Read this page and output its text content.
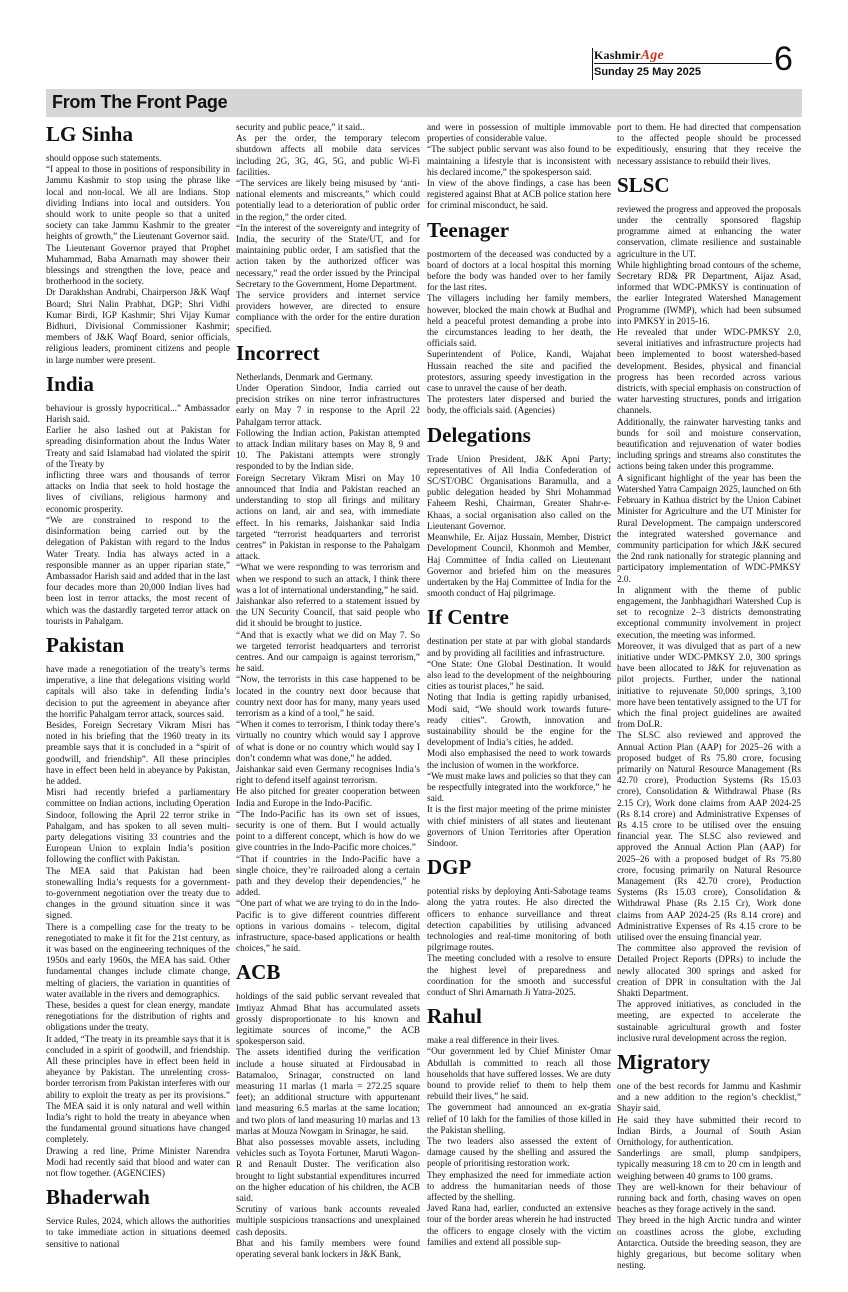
KashmirAge
Sunday 25 May 2025 6
From The Front Page
LG Sinha

should oppose such statements.

“I appeal to those in positions of responsibility in Jammu Kashmir to stop using the phrase like local and non-local. We all are Indians. Stop dividing Indians into local and outsiders. You should work to unite people so that a united society can take Jammu Kashmir to the greater heights of growth,” the Lieutenant Governor said.

The Lieutenant Governor prayed that Prophet Muhammad, Baba Amarnath may shower their blessings and strengthen the love, peace and brotherhood in the society.

Dr Darakhshan Andrabi, Chairperson J&K Waqf Board; Shri Nalin Prabhat, DGP; Shri Vidhi Kumar Birdi, IGP Kashmir; Shri Vijay Kumar Bidhuri, Divisional Commissioner Kashmir; members of J&K Waqf Board, senior officials, religious leaders, prominent citizens and people in large number were present.

India

behaviour is grossly hypocritical...” Ambassador Harish said.

Earlier he also lashed out at Pakistan for spreading disinformation about the Indus Water Treaty and said Islamabad had violated the spirit of the Treaty by

inflicting three wars and thousands of terror attacks on India that seek to hold hostage the lives of civilians, religious harmony and economic prosperity.

“We are constrained to respond to the disinformation being carried out by the delegation of Pakistan with regard to the Indus Water Treaty. India has always acted in a responsible manner as an upper riparian state,” Ambassador Harish said and added that in the last four decades more than 20,000 Indian lives had been lost in terror attacks, the most recent of which was the dastardly targeted terror attack on tourists in Pahalgam.

Pakistan

have made a renegotiation of the treaty’s terms imperative, a line that delegations visiting world capitals will also take in defending India’s decision to put the agreement in abeyance after the horrific Pahalgam terror attack, sources said.

Besides, Foreign Secretary Vikram Misri has noted in his briefing that the 1960 treaty in its preamble says that it is concluded in a “spirit of goodwill, and friendship”. All these principles have in effect been held in abeyance by Pakistan, he added.

Misri had recently briefed a parliamentary committee on Indian actions, including Operation Sindoor, following the April 22 terror strike in Pahalgam, and has spoken to all seven multi-party delegations visiting 33 countries and the European Union to explain India’s position following the conflict with Pakistan.

The MEA said that Pakistan had been stonewalling India’s requests for a government-to-government negotiation over the treaty due to changes in the ground situation since it was signed.

There is a compelling case for the treaty to be renegotiated to make it fit for the 21st century, as it was based on the engineering techniques of the 1950s and early 1960s, the MEA has said. Other fundamental changes include climate change, melting of glaciers, the variation in quantities of water available in the rivers and demographics.

These, besides a quest for clean energy, mandate renegotiations for the distribution of rights and obligations under the treaty.

It added, “The treaty in its preamble says that it is concluded in a spirit of goodwill, and friendship. All these principles have in effect been held in abeyance by Pakistan. The unrelenting cross-border terrorism from Pakistan interferes with our ability to exploit the treaty as per its provisions.” The MEA said it is only natural and well within India’s right to hold the treaty in abeyance when the fundamental ground situations have changed completely.

Drawing a red line, Prime Minister Narendra Modi had recently said that blood and water can not flow together. (AGENCIES)

Bhaderwah

Service Rules, 2024, which allows the authorities to take immediate action in situations deemed sensitive to national

security and public peace,” it said..

As per the order, the temporary telecom shutdown affects all mobile data services including 2G, 3G, 4G, 5G, and public Wi-Fi facilities.

“The services are likely being misused by ‘anti-national elements and miscreants,” which could potentially lead to a deterioration of public order in the region,” the order cited.

“In the interest of the sovereignty and integrity of India, the security of the State/UT, and for maintaining public order, I am satisfied that the action taken by the authorized officer was necessary,” read the order issued by the Principal Secretary to the Government, Home Department.

The service providers and internet service providers however, are directed to ensure compliance with the order for the entire duration specified.

Incorrect

Netherlands, Denmark and Germany.

Under Operation Sindoor, India carried out precision strikes on nine terror infrastructures early on May 7 in response to the April 22 Pahalgam terror attack.

Following the Indian action, Pakistan attempted to attack Indian military bases on May 8, 9 and 10. The Pakistani attempts were strongly responded to by the Indian side.

Foreign Secretary Vikram Misri on May 10 announced that India and Pakistan reached an understanding to stop all firings and military actions on land, air and sea, with immediate effect. In his remarks, Jaishankar said India targeted “terrorist headquarters and terrorist centres” in Pakistan in response to the Pahalgam attack.

“What we were responding to was terrorism and when we respond to such an attack, I think there was a lot of international understanding,” he said.

Jaishankar also referred to a statement issued by the UN Security Council, that said people who did it should be brought to justice.

“And that is exactly what we did on May 7. So we targeted terrorist headquarters and terrorist centres. And our campaign is against terrorism,” he said.

“Now, the terrorists in this case happened to be located in the country next door because that country next door has for many, many years used terrorism as a kind of a tool,” he said.

“When it comes to terrorism, I think today there’s virtually no country which would say I approve of what is done or no country which would say I don’t condemn what was done,” he added.

Jaishankar said even Germany recognises India’s right to defend itself against terrorism.

He also pitched for greater cooperation between India and Europe in the Indo-Pacific.

“The Indo-Pacific has its own set of issues, security is one of them. But I would actually point to a different concept, which is how do we give countries in the Indo-Pacific more choices.”

“That if countries in the Indo-Pacific have a single choice, they’re railroaded along a certain path and they develop their dependencies,” he added.

“One part of what we are trying to do in the Indo-Pacific is to give different countries different options in various domains - telecom, digital infrastructure, space-based applications or health choices,” he said.

ACB

holdings of the said public servant revealed that Imtiyaz Ahmad Bhat has accumulated assets grossly disproportionate to his known and legitimate sources of income,” the ACB spokesperson said.

The assets identified during the verification include a house situated at Firdousabad in Batamaloo, Srinagar, constructed on land measuring 11 marlas (1 marla = 272.25 square feet); an additional structure with appurtenant land measuring 6.5 marlas at the same location; and two plots of land measuring 10 marlas and 13 marlas at Mouza Nowgam in Srinagar, he said.

Bhat also possesses movable assets, including vehicles such as Toyota Fortuner, Maruti Wagon-R and Renault Duster. The verification also brought to light substantial expenditures incurred on the higher education of his children, the ACB said.

Scrutiny of various bank accounts revealed multiple suspicious transactions and unexplained cash deposits.

Bhat and his family members were found operating several bank lockers in J&K Bank,

and were in possession of multiple immovable properties of considerable value.

“The subject public servant was also found to be maintaining a lifestyle that is inconsistent with his declared income,” the spokesperson said.

In view of the above findings, a case has been registered against Bhat at ACB police station here for criminal misconduct, he said.

Teenager

postmortem of the deceased was conducted by a board of doctors at a local hospital this morning before the body was handed over to her family for the last rites.

The villagers including her family members, however, blocked the main chowk at Budhal and held a peaceful protest demanding a probe into the circumstances leading to her death, the officials said.

Superintendent of Police, Kandi, Wajahat Hussain reached the site and pacified the protestors, assuring speedy investigation in the case to unravel the cause of her death.

The protesters later dispersed and buried the body, the officials said. (Agencies)

Delegations

Trade Union President, J&K Apni Party; representatives of All India Confederation of SC/ST/OBC Organisations Baramulla, and a public delegation headed by Shri Mohammad Faheem Reshi, Chairman, Greater Shahr-e-Khaas, a social organisation also called on the Lieutenant Governor.

Meanwhile, Er. Aijaz Hussain, Member, District Development Council, Khonmoh and Member, Haj Committee of India called on Lieutenant Governor and briefed him on the measures undertaken by the Haj Committee of India for the smooth conduct of Haj pilgrimage.

If Centre

destination per state at par with global standards and by providing all facilities and infrastructure.

“One State: One Global Destination. It would also lead to the development of the neighbouring cities as tourist places,” he said.

Noting that India is getting rapidly urbanised, Modi said, “We should work towards future-ready cities”. Growth, innovation and sustainability should be the engine for the development of India’s cities, he added.

Modi also emphasised the need to work towards the inclusion of women in the workforce.

“We must make laws and policies so that they can be respectfully integrated into the workforce,” he said.

It is the first major meeting of the prime minister with chief ministers of all states and lieutenant governors of Union Territories after Operation Sindoor.

DGP

potential risks by deploying Anti-Sabotage teams along the yatra routes. He also directed the officers to enhance surveillance and threat detection capabilities by utilising advanced technologies and real-time monitoring of both pilgrimage routes.

The meeting concluded with a resolve to ensure the highest level of preparedness and coordination for the smooth and successful conduct of Shri Amarnath Ji Yatra-2025.

Rahul

make a real difference in their lives.

“Our government led by Chief Minister Omar Abdullah is committed to reach all those households that have suffered losses. We are duty bound to provide relief to them to help them rebuild their lives,” he said.

The government had announced an ex-gratia relief of 10 lakh for the families of those killed in the Pakistan shelling.

The two leaders also assessed the extent of damage caused by the shelling and assured the people of prioritising restoration work.

They emphasized the need for immediate action to address the humanitarian needs of those affected by the shelling.

Javed Rana had, earlier, conducted an extensive tour of the border areas wherein he had instructed the officers to engage closely with the victim families and extend all possible sup-

port to them. He had directed that compensation to the affected people should be processed expeditiously, ensuring that they receive the necessary assistance to rebuild their lives.

SLSC

reviewed the progress and approved the proposals under the centrally sponsored flagship programme aimed at enhancing the water conservation, climate resilience and sustainable agriculture in the UT.

While highlighting broad contours of the scheme, Secretary RD& PR Department, Aijaz Asad, informed that WDC-PMKSY is continuation of the earlier Integrated Watershed Management Programme (IWMP), which had been subsumed into PMKSY in 2015-16.

He revealed that under WDC-PMKSY 2.0, several initiatives and infrastructure projects had been implemented to boost watershed-based development. Besides, physical and financial progress has been recorded across various districts, with special emphasis on construction of water harvesting structures, ponds and irrigation channels.

Additionally, the rainwater harvesting tanks and bunds for soil and moisture conservation, beautification and rejuvenation of water bodies including springs and streams also constitutes the actions being taken under this programme.

A significant highlight of the year has been the Watershed Yatra Campaign 2025, launched on 6th February in Kathua district by the Union Cabinet Minister for Agriculture and the UT Minister for Rural Development. The campaign underscored the integrated watershed governance and community participation for which J&K secured the 2nd rank nationally for strategic planning and participatory implementation of WDC-PMKSY 2.0.

In alignment with the theme of public engagement, the Janbhagidhari Watershed Cup is set to recognize 2–3 districts demonstrating exceptional community involvement in project execution, the meeting was informed.

Moreover, it was divulged that as part of a new initiative under WDC-PMKSY 2.0, 300 springs have been allocated to J&K for rejuvenation as pilot projects. Further, under the national initiative to rejuvenate 50,000 springs, 3,100 more have been tentatively assigned to the UT for which the final project guidelines are awaited from DoLR.

The SLSC also reviewed and approved the Annual Action Plan (AAP) for 2025–26 with a proposed budget of Rs 75.80 crore, focusing primarily on Natural Resource Management (Rs 42.70 crore), Production Systems (Rs 15.03 crore), Consolidation & Withdrawal Phase (Rs 2.15 Cr), Work done claims from AAP 2024-25 (Rs 8.14 crore) and Administrative Expenses of Rs 4.15 crore to be utilised over the ensuing financial year. The SLSC also reviewed and approved the Annual Action Plan (AAP) for 2025–26 with a proposed budget of Rs 75.80 crore, focusing primarily on Natural Resource Management (Rs 42.70 crore), Production Systems (Rs 15.03 crore), Consolidation & Withdrawal Phase (Rs 2.15 Cr), Work done claims from AAP 2024-25 (Rs 8.14 crore) and Administrative Expenses of Rs 4.15 crore to be utilised over the ensuing financial year.

The committee also approved the revision of Detailed Project Reports (DPRs) to include the newly allocated 300 springs and asked for creation of DPR in consultation with the Jal Shakti Department.

The approved initiatives, as concluded in the meeting, are expected to accelerate the sustainable agricultural growth and foster inclusive rural development across the region.

Migratory

one of the best records for Jammu and Kashmir and a new addition to the region’s checklist,” Shayir said.

He said they have submitted their record to Indian Birds, a Journal of South Asian Ornithology, for authentication.

Sanderlings are small, plump sandpipers, typically measuring 18 cm to 20 cm in length and weighing between 40 grams to 100 grams.

They are well-known for their behaviour of running back and forth, chasing waves on open beaches as they forage actively in the sand.

They breed in the high Arctic tundra and winter on coastlines across the globe, excluding Antarctica. Outside the breeding season, they are highly gregarious, but become solitary when nesting.
